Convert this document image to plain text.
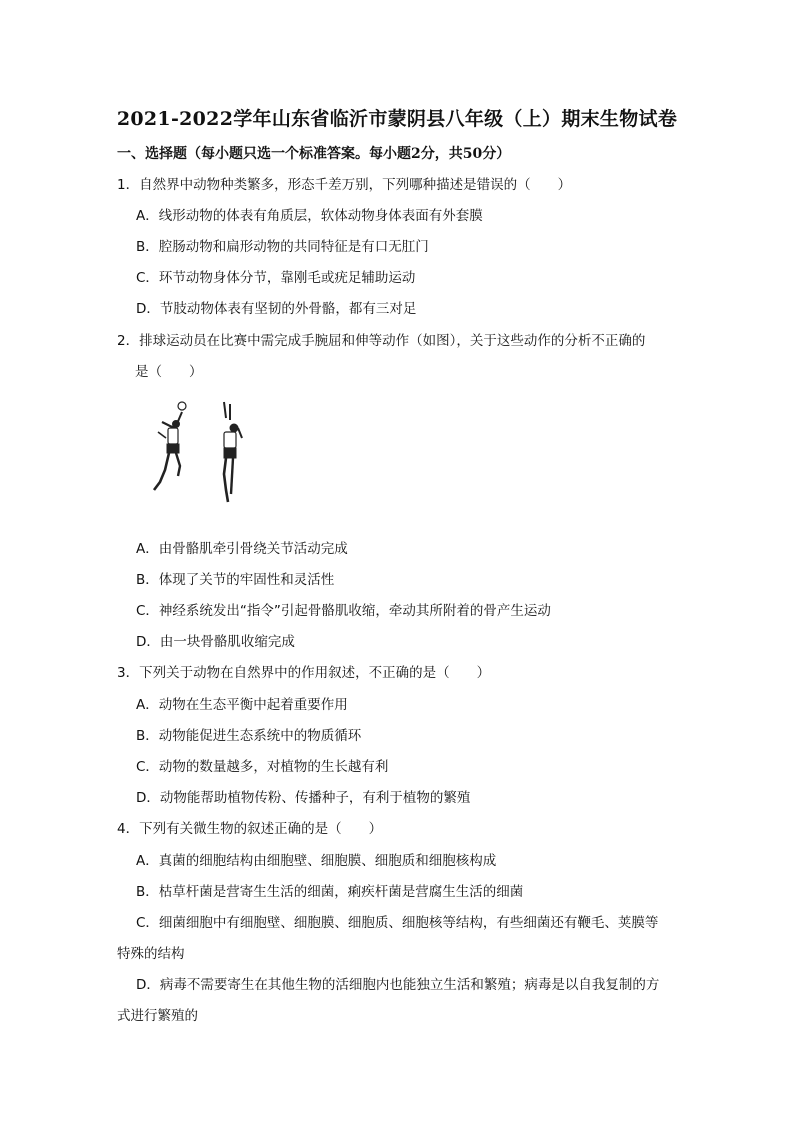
2021-2022学年山东省临沂市蒙阴县八年级（上）期末生物试卷
一、选择题（每小题只选一个标准答案。每小题2分，共50分）
1．自然界中动物种类繁多，形态千差万别，下列哪种描述是错误的（　　）
A．线形动物的体表有角质层，软体动物身体表面有外套膜
B．腔肠动物和扁形动物的共同特征是有口无肛门
C．环节动物身体分节，靠刚毛或疣足辅助运动
D．节肢动物体表有坚韧的外骨骼，都有三对足
2．排球运动员在比赛中需完成手腕屈和伸等动作（如图），关于这些动作的分析不正确的
是（　　）
A．由骨骼肌牵引骨绕关节活动完成
B．体现了关节的牢固性和灵活性
C．神经系统发出“指令”引起骨骼肌收缩，牵动其所附着的骨产生运动
D．由一块骨骼肌收缩完成
3．下列关于动物在自然界中的作用叙述，不正确的是（　　）
A．动物在生态平衡中起着重要作用
B．动物能促进生态系统中的物质循环
C．动物的数量越多，对植物的生长越有利
D．动物能帮助植物传粉、传播种子，有利于植物的繁殖
4．下列有关微生物的叙述正确的是（　　）
A．真菌的细胞结构由细胞壁、细胞膜、细胞质和细胞核构成
B．枯草杆菌是营寄生生活的细菌，痢疾杆菌是营腐生生活的细菌
C．细菌细胞中有细胞壁、细胞膜、细胞质、细胞核等结构，有些细菌还有鞭毛、荚膜等
特殊的结构
D．病毒不需要寄生在其他生物的活细胞内也能独立生活和繁殖；病毒是以自我复制的方
式进行繁殖的
